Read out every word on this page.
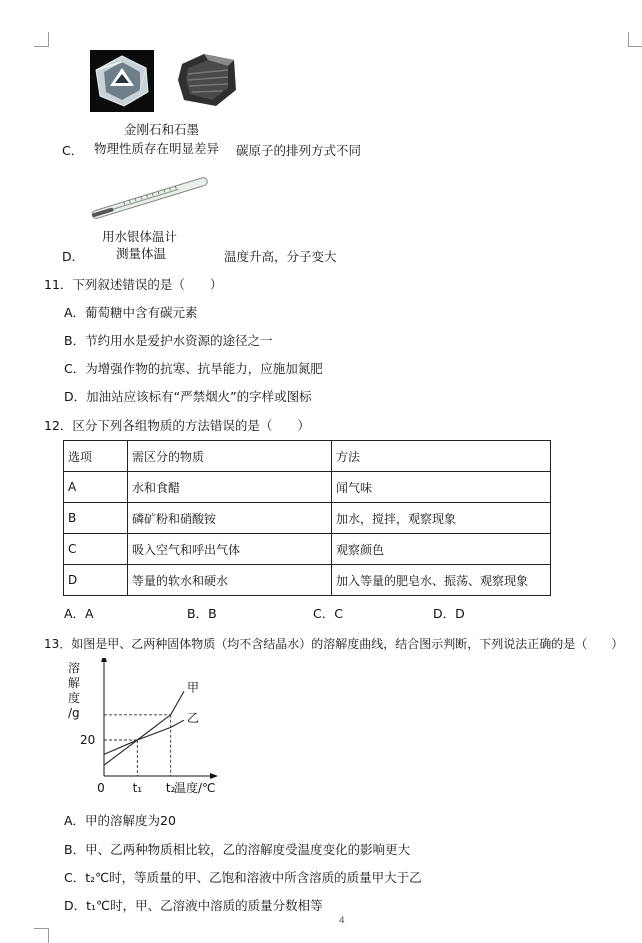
金刚石和石墨
C． 物理性质存在明显差异 碳原子的排列方式不同
用水银体温计
D．	测量体温	温度升高，分子变大
11．下列叙述错误的是（　　）
A．葡萄糖中含有碳元素
B．节约用水是爱护水资源的途径之一
C．为增强作物的抗寒、抗旱能力，应施加氮肥
D．加油站应该标有“严禁烟火”的字样或图标
12．区分下列各组物质的方法错误的是（　　）
选项	需区分的物质	方法
A	水和食醋	闻气味
B	磷矿粉和硝酸铵	加水，搅拌，观察现象
C	吸入空气和呼出气体	观察颜色
D	等量的软水和硬水	加入等量的肥皂水、振荡、观察现象
A．A	B．B	C．C	D．D
13．如图是甲、乙两种固体物质（均不含结晶水）的溶解度曲线，结合图示判断，下列说法正确的是（　　）
甲
乙
20
0 t₁ t₂
温度/℃
溶
解
度
/g
A．甲的溶解度为20
B．甲、乙两种物质相比较，乙的溶解度受温度变化的影响更大
C．t₂℃时，等质量的甲、乙饱和溶液中所含溶质的质量甲大于乙
D．t₁℃时，甲、乙溶液中溶质的质量分数相等
4
